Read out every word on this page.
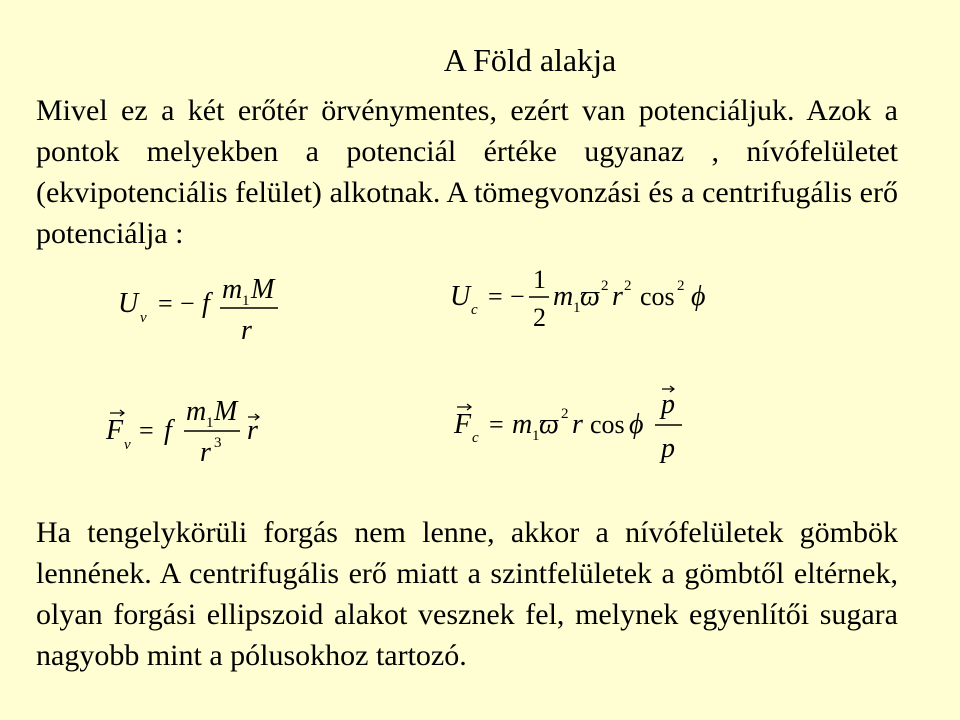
A Föld alakja
Mivel ez a két erőtér örvénymentes, ezért van potenciáljuk. Azok a pontok melyekben a potenciál értéke ugyanaz , nívófelületet (ekvipotenciális felület) alkotnak. A tömegvonzási és a centrifugális erő potenciálja :
U v = − f m 1 M
r
U c = −
1
2
m 1 ϖ 2 r 2 cos 2 ϕ
F v = f
m 1 M
r 3 r	F c = m 1 ϖ 2 r cos ϕ
p
p
Ha tengelykörüli forgás nem lenne, akkor a nívófelületek gömbök lennének. A centrifugális erő miatt a szintfelületek a gömbtől eltérnek, olyan forgási ellipszoid alakot vesznek fel, melynek egyenlítői sugara nagyobb mint a pólusokhoz tartozó.
